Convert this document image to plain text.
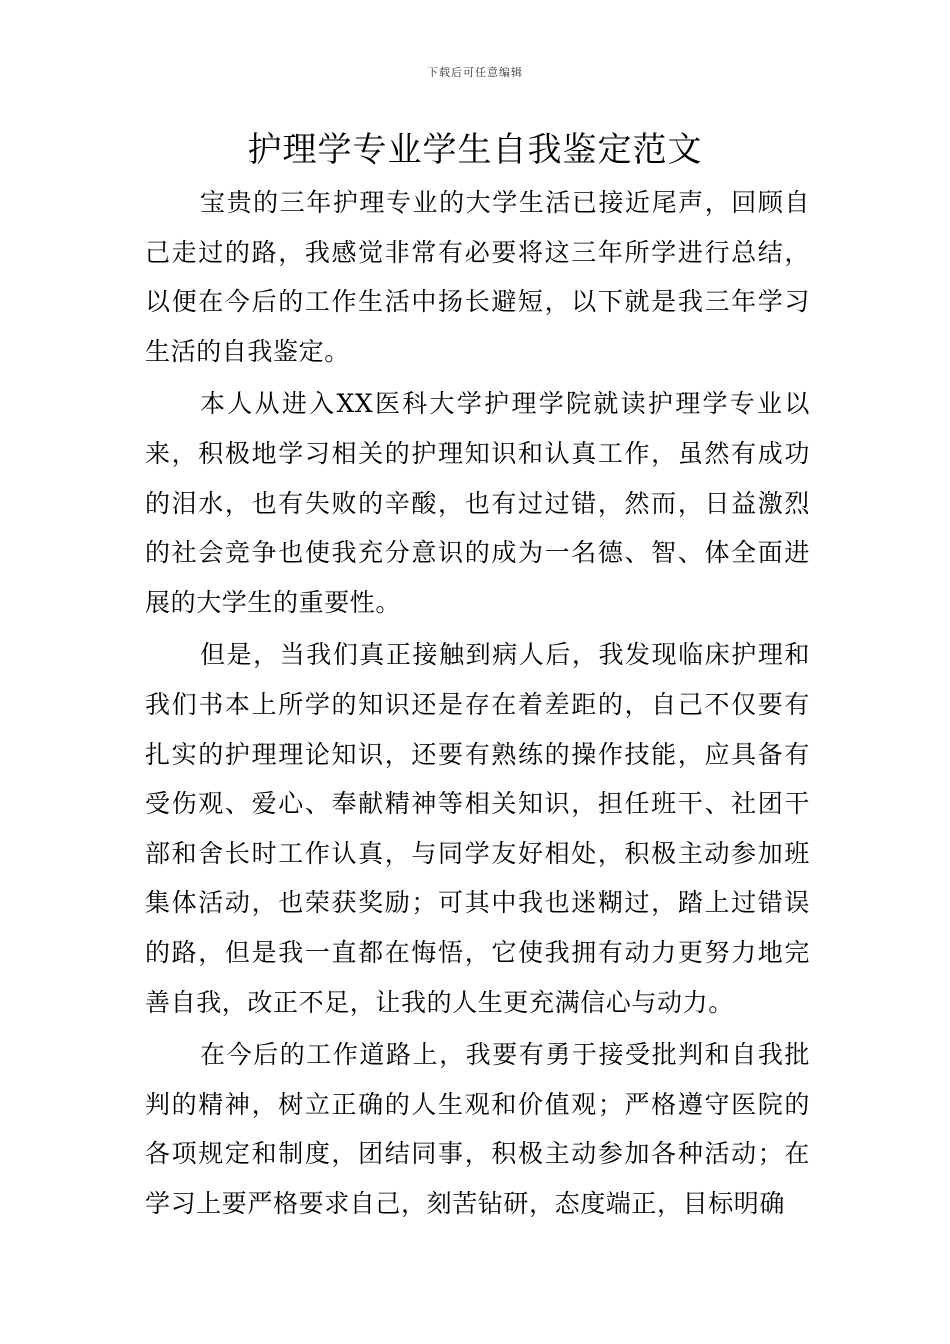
下载后可任意编辑
护理学专业学生自我鉴定范文

宝贵的三年护理专业的大学生活已接近尾声，回顾自己走过的路，我感觉非常有必要将这三年所学进行总结，以便在今后的工作生活中扬长避短，以下就是我三年学习生活的自我鉴定。

本人从进入XX医科大学护理学院就读护理学专业以来，积极地学习相关的护理知识和认真工作，虽然有成功的泪水，也有失败的辛酸，也有过过错，然而，日益激烈的社会竞争也使我充分意识的成为一名德、智、体全面进展的大学生的重要性。

但是，当我们真正接触到病人后，我发现临床护理和我们书本上所学的知识还是存在着差距的，自己不仅要有扎实的护理理论知识，还要有熟练的操作技能，应具备有受伤观、爱心、奉献精神等相关知识，担任班干、社团干部和舍长时工作认真，与同学友好相处，积极主动参加班集体活动，也荣获奖励；可其中我也迷糊过，踏上过错误的路，但是我一直都在悔悟，它使我拥有动力更努力地完善自我，改正不足，让我的人生更充满信心与动力。

在今后的工作道路上，我要有勇于接受批判和自我批判的精神，树立正确的人生观和价值观；严格遵守医院的各项规定和制度，团结同事，积极主动参加各种活动；在学习上要严格要求自己，刻苦钻研，态度端正，目标明确
